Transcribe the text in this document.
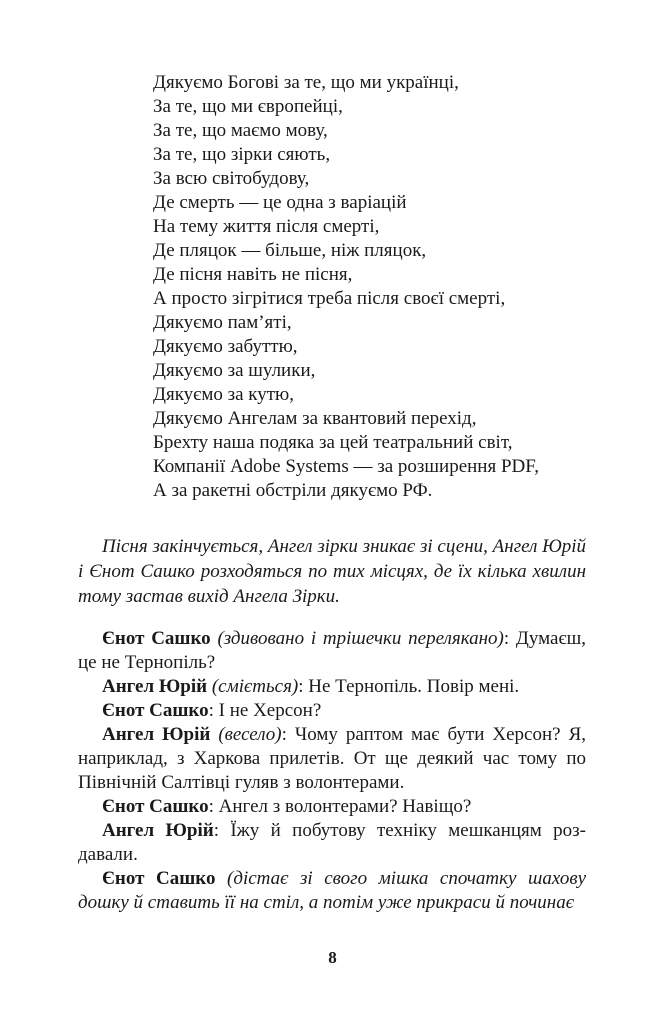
Дякуємо Богові за те, що ми українці,
За те, що ми європейці,
За те, що маємо мову,
За те, що зірки сяють,
За всю світобудову,
Де смерть — це одна з варіацій
На тему життя після смерті,
Де пляцок — більше, ніж пляцок,
Де пісня навіть не пісня,
А просто зігрітися треба після своєї смерті,
Дякуємо пам’яті,
Дякуємо забуттю,
Дякуємо за шулики,
Дякуємо за кутю,
Дякуємо Ангелам за квантовий перехід,
Брехту наша подяка за цей театральний світ,
Компанії Adobe Systems — за розширення PDF,
А за ракетні обстріли дякуємо РФ.

Пісня закінчується, Ангел зірки зникає зі сцени, Ангел Юрій і Єнот Сашко розходяться по тих місцях, де їх кілька хвилин тому застав вихід Ангела Зірки.

Єнот Сашко (здивовано і трішечки перелякано): Думаєш, це не Тернопіль?

Ангел Юрій (сміється): Не Тернопіль. Повір мені.

Єнот Сашко: І не Херсон?

Ангел Юрій (весело): Чому раптом має бути Херсон? Я, наприклад, з Харкова прилетів. От ще деякий час тому по Північній Салтівці гуляв з волонтерами.

Єнот Сашко: Ангел з волонтерами? Навіщо?

Ангел Юрій: Їжу й побутову техніку мешканцям роздавали.

Єнот Сашко (дістає зі свого мішка спочатку шахову дошку й ставить її на стіл, а потім уже прикраси й починає

8
